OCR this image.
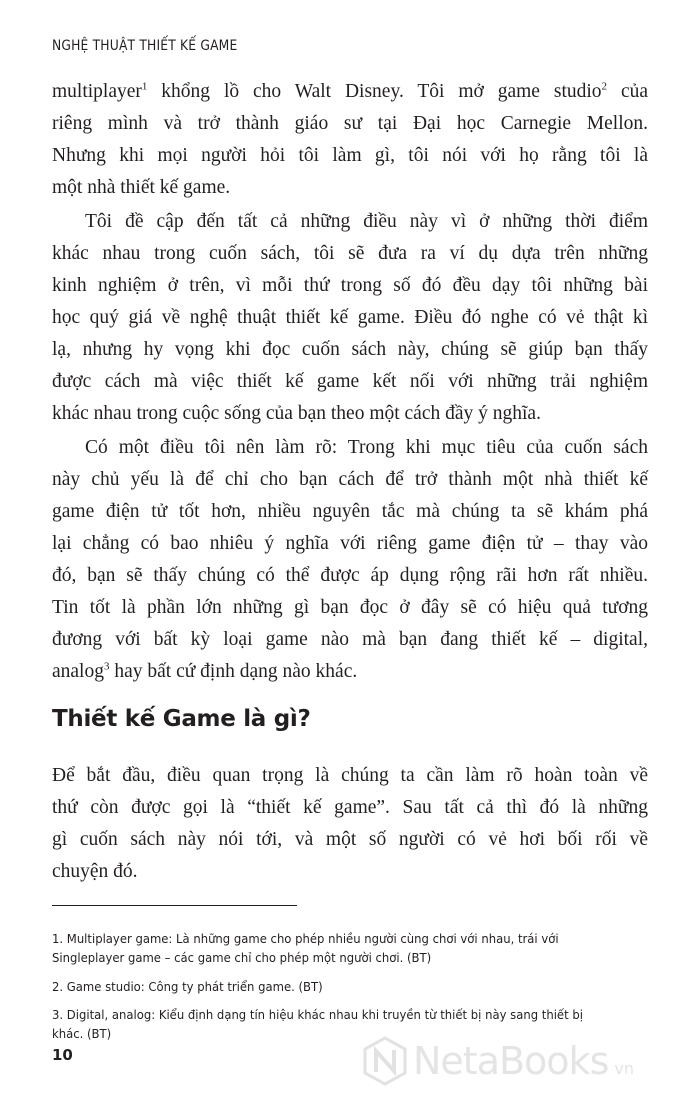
NGHỆ THUẬT THIẾT KẾ GAME
multiplayer$^1$ khổng lồ cho Walt Disney. Tôi mở game studio$^2$ của
riêng mình và trở thành giáo sư tại Đại học Carnegie Mellon.
Nhưng khi mọi người hỏi tôi làm gì, tôi nói với họ rằng tôi là
một nhà thiết kế game.
Tôi đề cập đến tất cả những điều này vì ở những thời điểm
khác nhau trong cuốn sách, tôi sẽ đưa ra ví dụ dựa trên những
kinh nghiệm ở trên, vì mỗi thứ trong số đó đều dạy tôi những bài
học quý giá về nghệ thuật thiết kế game. Điều đó nghe có vẻ thật kì
lạ, nhưng hy vọng khi đọc cuốn sách này, chúng sẽ giúp bạn thấy
được cách mà việc thiết kế game kết nối với những trải nghiệm
khác nhau trong cuộc sống của bạn theo một cách đầy ý nghĩa.
Có một điều tôi nên làm rõ: Trong khi mục tiêu của cuốn sách
này chủ yếu là để chỉ cho bạn cách để trở thành một nhà thiết kế
game điện tử tốt hơn, nhiều nguyên tắc mà chúng ta sẽ khám phá
lại chẳng có bao nhiêu ý nghĩa với riêng game điện tử – thay vào
đó, bạn sẽ thấy chúng có thể được áp dụng rộng rãi hơn rất nhiều.
Tin tốt là phần lớn những gì bạn đọc ở đây sẽ có hiệu quả tương
đương với bất kỳ loại game nào mà bạn đang thiết kế – digital,
analog$^3$ hay bất cứ định dạng nào khác.
Thiết kế Game là gì?
Để bắt đầu, điều quan trọng là chúng ta cần làm rõ hoàn toàn về
thứ còn được gọi là “thiết kế game”. Sau tất cả thì đó là những
gì cuốn sách này nói tới, và một số người có vẻ hơi bối rối về
chuyện đó.
1. Multiplayer game: Là những game cho phép nhiều người cùng chơi với nhau, trái với Singleplayer game – các game chỉ cho phép một người chơi. (BT)
2. Game studio: Công ty phát triển game. (BT)
3. Digital, analog: Kiểu định dạng tín hiệu khác nhau khi truyền từ thiết bị này sang thiết bị khác. (BT)
10	NetaBooks vn
